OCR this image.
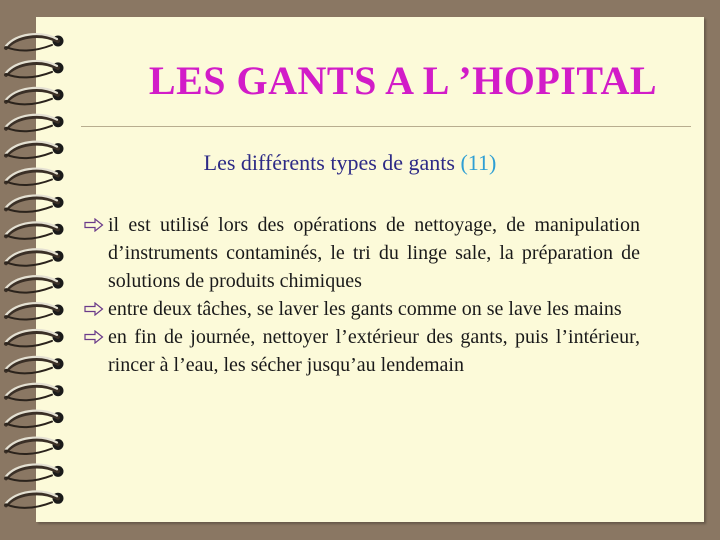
LES GANTS A L ’HOPITAL
Les différents types de gants (11)
il est utilisé lors des opérations de nettoyage, de manipulation d’instruments contaminés, le tri du linge sale, la préparation de solutions de produits chimiques
entre deux tâches, se laver les gants comme on se lave les mains
en fin de journée, nettoyer l’extérieur des gants, puis l’intérieur, rincer à l’eau, les sécher jusqu’au lendemain
